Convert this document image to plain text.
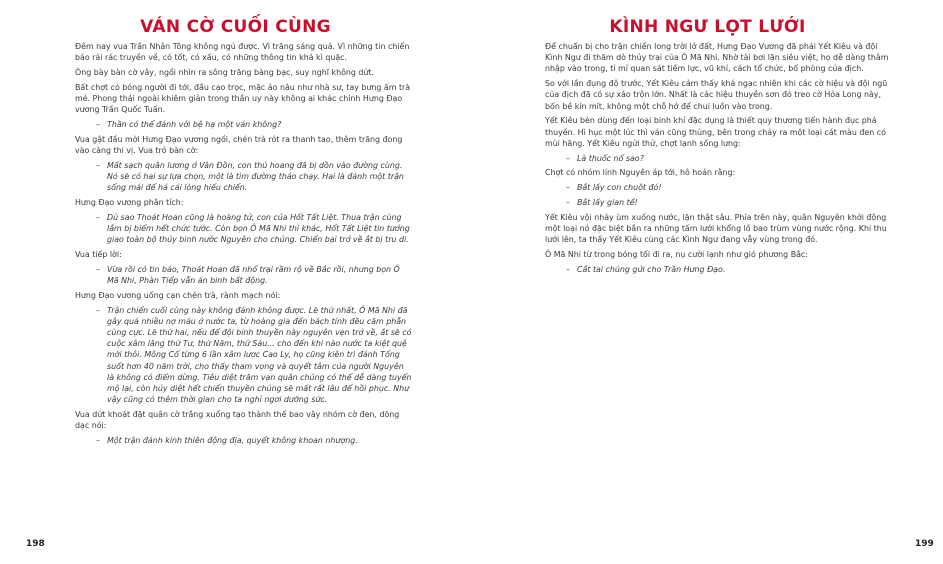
VÁN CỜ CUỐI CÙNG

Đêm nay vua Trần Nhân Tông không ngủ được. Vì trăng sáng quá. Vì những tin chiến báo rải rác truyền về, có tốt, có xấu, có những thông tin khá kì quặc.

Ông bày bàn cờ vây, ngồi nhìn ra sông trăng bàng bạc, suy nghĩ không dứt.

Bất chợt có bóng người đi tới, đầu cạo trọc, mặc áo nâu như nhà sư, tay bưng ấm trà mẻ. Phong thái ngoài khiêm giản trong thần uy này không ai khác chính Hưng Đạo vương Trần Quốc Tuấn.

– Thần có thể đánh với bệ hạ một ván không?

Vua gật đầu mời Hưng Đạo vương ngồi, chén trà rót ra thanh tao, thêm trăng đong vào càng thi vị. Vua trỏ bàn cờ:

– Mất sạch quân lương ở Vân Đồn, con thú hoang đã bị dồn vào đường cùng. Nó sẽ có hai sự lựa chọn, một là tìm đường tháo chạy. Hai là đánh một trận sống mái để hả cái lòng hiếu chiến.

Hưng Đạo vương phân tích:

– Dù sao Thoát Hoan cũng là hoàng tử, con của Hốt Tất Liệt. Thua trận cùng lắm bị biếm hết chức tước. Còn bọn Ô Mã Nhi thì khác, Hốt Tất Liệt tin tưởng giao toàn bộ thủy binh nước Nguyên cho chúng. Chiến bại trở về ắt bị tru di.

Vua tiếp lời:

– Vừa rồi có tin báo, Thoát Hoan đã nhổ trại rầm rộ về Bắc rồi, nhưng bọn Ô Mã Nhi, Phàn Tiếp vẫn án binh bất động.

Hưng Đạo vương uống cạn chén trà, rành mạch nói:

– Trận chiến cuối cùng này không đánh không được. Lẽ thứ nhất, Ô Mã Nhi đã gây quá nhiều nợ máu ở nước ta, từ hoàng gia đến bách tính đều căm phẫn cùng cực. Lẽ thứ hai, nếu để đội binh thuyền này nguyên vẹn trở về, ắt sẽ có cuộc xâm lăng thứ Tư, thứ Năm, thứ Sáu... cho đến khi nào nước ta kiệt quệ mới thôi. Mông Cổ từng 6 lần xâm lược Cao Ly, họ cũng kiên trì đánh Tống suốt hơn 40 năm trời, cho thấy tham vọng và quyết tâm của người Nguyên là không có điểm dừng. Tiêu diệt trăm vạn quân chúng có thể dễ dàng tuyển mộ lại, còn hủy diệt hết chiến thuyền chúng sẽ mất rất lâu để hồi phục. Như vậy cũng có thêm thời gian cho ta nghỉ ngơi dưỡng sức.

Vua dứt khoát đặt quân cờ trắng xuống tạo thành thế bao vây nhóm cờ đen, dõng dạc nói:

– Một trận đánh kinh thiên động địa, quyết không khoan nhượng.
198
KÌNH NGƯ LỌT LƯỚI

Để chuẩn bị cho trận chiến long trời lở đất, Hưng Đạo Vương đã phái Yết Kiêu và đội Kình Ngư đi thăm dò thủy trại của Ô Mã Nhi. Nhờ tài bơi lặn siêu việt, họ dễ dàng thâm nhập vào trong, tỉ mỉ quan sát tiềm lực, vũ khí, cách tổ chức, bố phòng của địch.

So với lần đụng độ trước, Yết Kiêu cảm thấy khá ngạc nhiên khi các cờ hiệu và đội ngũ của địch đã có sự xáo trộn lớn. Nhất là các hiệu thuyền sơn đỏ treo cờ Hỏa Long này, bốn bề kín mít, không một chỗ hở để chui luồn vào trong.

Yết Kiêu bèn dùng đến loại binh khí đặc dụng là thiết quy thương tiến hành đục phá thuyền. Hì hục một lúc thì ván cũng thủng, bên trong chảy ra một loại cát màu đen có mùi hăng. Yết Kiêu ngửi thử, chợt lạnh sống lưng:

– Là thuốc nổ sao?

Chợt có nhóm lính Nguyên áp tới, hô hoán rằng:

– Bắt lấy con chuột đó!
– Bắt lấy gian tế!

Yết Kiêu vội nhảy ùm xuống nước, lặn thật sâu. Phía trên này, quân Nguyên khởi động một loại nỏ đặc biệt bắn ra những tấm lưới khổng lồ bao trùm vùng nước rộng. Khi thu lưới lên, ta thấy Yết Kiêu cùng các Kình Ngư đang vẫy vùng trong đó.

Ô Mã Nhi từ trong bóng tối đi ra, nụ cười lạnh như gió phương Bắc:

– Cắt tai chúng gửi cho Trần Hưng Đạo.
199
